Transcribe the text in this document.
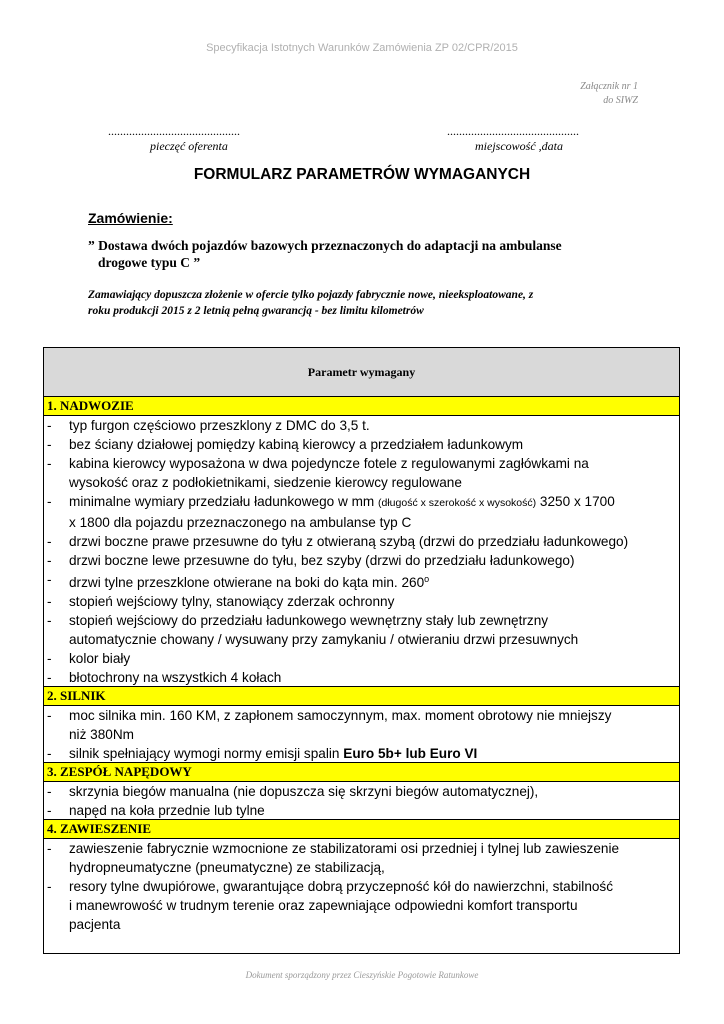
Specyfikacja Istotnych Warunków Zamówienia ZP 02/CPR/2015
Załącznik nr 1
do SIWZ
............................................
pieczęć oferenta
............................................
miejscowość ,data
FORMULARZ PARAMETRÓW WYMAGANYCH
Zamówienie:
” Dostawa dwóch pojazdów bazowych przeznaczonych do adaptacji na ambulanse
drogowe typu C ”
Zamawiający dopuszcza złożenie w ofercie tylko pojazdy fabrycznie nowe, nieeksploatowane, z
roku produkcji 2015 z 2 letnią pełną gwarancją - bez limitu kilometrów
Parametr wymagany
1. NADWOZIE
- typ furgon częściowo przeszklony z DMC do 3,5 t.
- bez ściany działowej pomiędzy kabiną kierowcy a przedziałem ładunkowym
- kabina kierowcy wyposażona w dwa pojedyncze fotele z regulowanymi zagłówkami na
wysokość oraz z podłokietnikami, siedzenie kierowcy regulowane
- minimalne wymiary przedziału ładunkowego w mm (długość x szerokość x wysokość) 3250 x 1700
x 1800 dla pojazdu przeznaczonego na ambulanse typ C
- drzwi boczne prawe przesuwne do tyłu z otwieraną szybą (drzwi do przedziału ładunkowego)
- drzwi boczne lewe przesuwne do tyłu, bez szyby (drzwi do przedziału ładunkowego)
- drzwi tylne przeszklone otwierane na boki do kąta min. 260$^o$
- stopień wejściowy tylny, stanowiący zderzak ochronny
- stopień wejściowy do przedziału ładunkowego wewnętrzny stały lub zewnętrzny
automatycznie chowany / wysuwany przy zamykaniu / otwieraniu drzwi przesuwnych
- kolor biały
- błotochrony na wszystkich 4 kołach
2. SILNIK
- moc silnika min. 160 KM, z zapłonem samoczynnym, max. moment obrotowy nie mniejszy
niż 380Nm
- silnik spełniający wymogi normy emisji spalin Euro 5b+ lub Euro VI
3. ZESPÓŁ NAPĘDOWY
- skrzynia biegów manualna (nie dopuszcza się skrzyni biegów automatycznej),
- napęd na koła przednie lub tylne
4. ZAWIESZENIE
- zawieszenie fabrycznie wzmocnione ze stabilizatorami osi przedniej i tylnej lub zawieszenie
hydropneumatyczne (pneumatyczne) ze stabilizacją,
- resory tylne dwupiórowe, gwarantujące dobrą przyczepność kół do nawierzchni, stabilność
i manewrowość w trudnym terenie oraz zapewniające odpowiedni komfort transportu
pacjenta
Dokument sporządzony przez Cieszyńskie Pogotowie Ratunkowe
